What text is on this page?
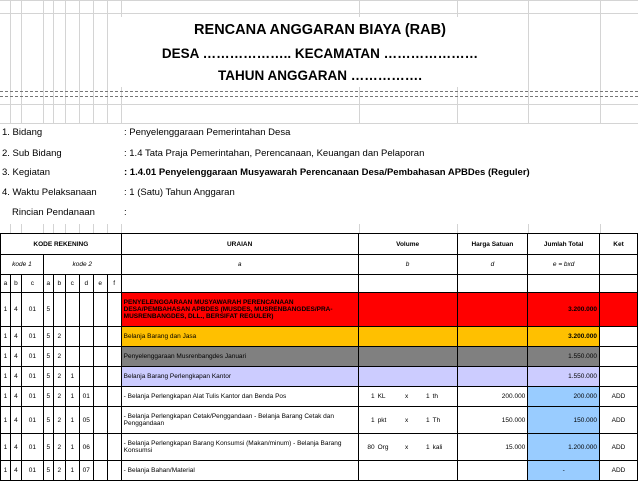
RENCANA ANGGARAN BIAYA (RAB)
DESA ……………….. KECAMATAN …………………
TAHUN ANGGARAN …………….
1. Bidang	: Penyelenggaraan Pemerintahan Desa
2. Sub Bidang	: 1.4 Tata Praja Pemerintahan, Perencanaan, Keuangan dan Pelaporan
3. Kegiatan	: 1.4.01 Penyelenggaraan Musyawarah Perencanaan Desa/Pembahasan APBDes (Reguler)
4. Waktu Pelaksanaan	: 1 (Satu) Tahun Anggaran
Rincian Pendanaan	:
KODE REKENING									URAIAN	Volume	Harga Satuan	Jumlah Total	Ket
kode 1			kode 2						a	b	d	e = bxd	
a	b	c	a	b	c	d	e	f					
1	4	01	5						PENYELENGGARAAN MUSYAWARAH PERENCANAAN DESA/PEMBAHASAN APBDES (MUSDES, MUSRENBANGDES/PRA-MUSRENBANGDES, DLL., BERSIFAT REGULER)			3.200.000	
1	4	01	5	2					Belanja Barang dan Jasa			3.200.000	
1	4	01	5	2					Penyelenggaraan Musrenbangdes Januari			1.550.000	
1	4	01	5	2	1				Belanja Barang Perlengkapan Kantor			1.550.000	
1	4	01	5	2	1	01			- Belanja Perlengkapan Alat Tulis Kantor dan Benda Pos	1 KL x 1 th	200.000	200.000	ADD
1	4	01	5	2	1	05			- Belanja Perlengkapan Cetak/Penggandaan - Belanja Barang Cetak dan Penggandaan	1 pkt x 1 Th	150.000	150.000	ADD
1	4	01	5	2	1	06			- Belanja Perlengkapan Barang Konsumsi (Makan/minum) - Belanja Barang Konsumsi	80 Org x 1 kali	15.000	1.200.000	ADD
1	4	01	5	2	1	07			- Belanja Bahan/Material			-	ADD
